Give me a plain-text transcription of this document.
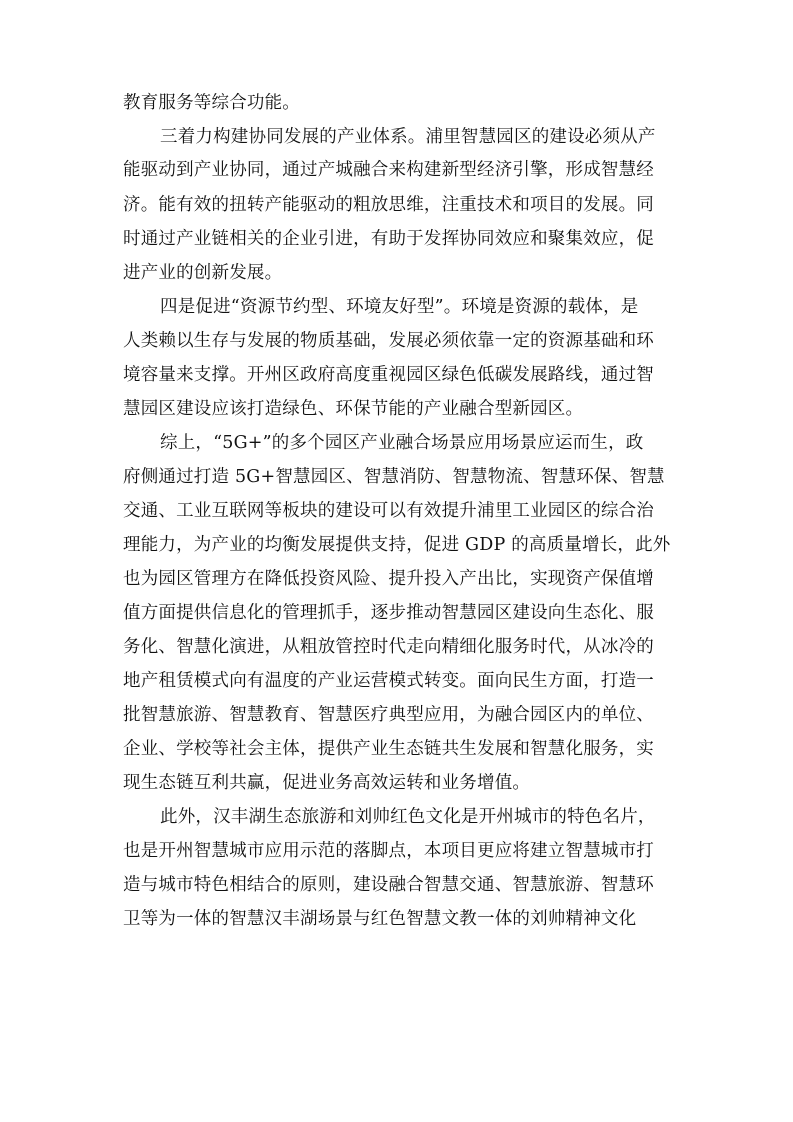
教育服务等综合功能。
三着力构建协同发展的产业体系。浦里智慧园区的建设必须从产
能驱动到产业协同，通过产城融合来构建新型经济引擎，形成智慧经
济。能有效的扭转产能驱动的粗放思维，注重技术和项目的发展。同
时通过产业链相关的企业引进，有助于发挥协同效应和聚集效应，促
进产业的创新发展。
四是促进“资源节约型、环境友好型”。环境是资源的载体，是
人类赖以生存与发展的物质基础，发展必须依靠一定的资源基础和环
境容量来支撑。开州区政府高度重视园区绿色低碳发展路线，通过智
慧园区建设应该打造绿色、环保节能的产业融合型新园区。
综上，“5G+”的多个园区产业融合场景应用场景应运而生，政
府侧通过打造 5G+智慧园区、智慧消防、智慧物流、智慧环保、智慧
交通、工业互联网等板块的建设可以有效提升浦里工业园区的综合治
理能力，为产业的均衡发展提供支持，促进 GDP 的高质量增长，此外
也为园区管理方在降低投资风险、提升投入产出比，实现资产保值增
值方面提供信息化的管理抓手，逐步推动智慧园区建设向生态化、服
务化、智慧化演进，从粗放管控时代走向精细化服务时代，从冰冷的
地产租赁模式向有温度的产业运营模式转变。面向民生方面，打造一
批智慧旅游、智慧教育、智慧医疗典型应用，为融合园区内的单位、
企业、学校等社会主体，提供产业生态链共生发展和智慧化服务，实
现生态链互利共赢，促进业务高效运转和业务增值。
此外，汉丰湖生态旅游和刘帅红色文化是开州城市的特色名片，
也是开州智慧城市应用示范的落脚点，本项目更应将建立智慧城市打
造与城市特色相结合的原则，建设融合智慧交通、智慧旅游、智慧环
卫等为一体的智慧汉丰湖场景与红色智慧文教一体的刘帅精神文化
